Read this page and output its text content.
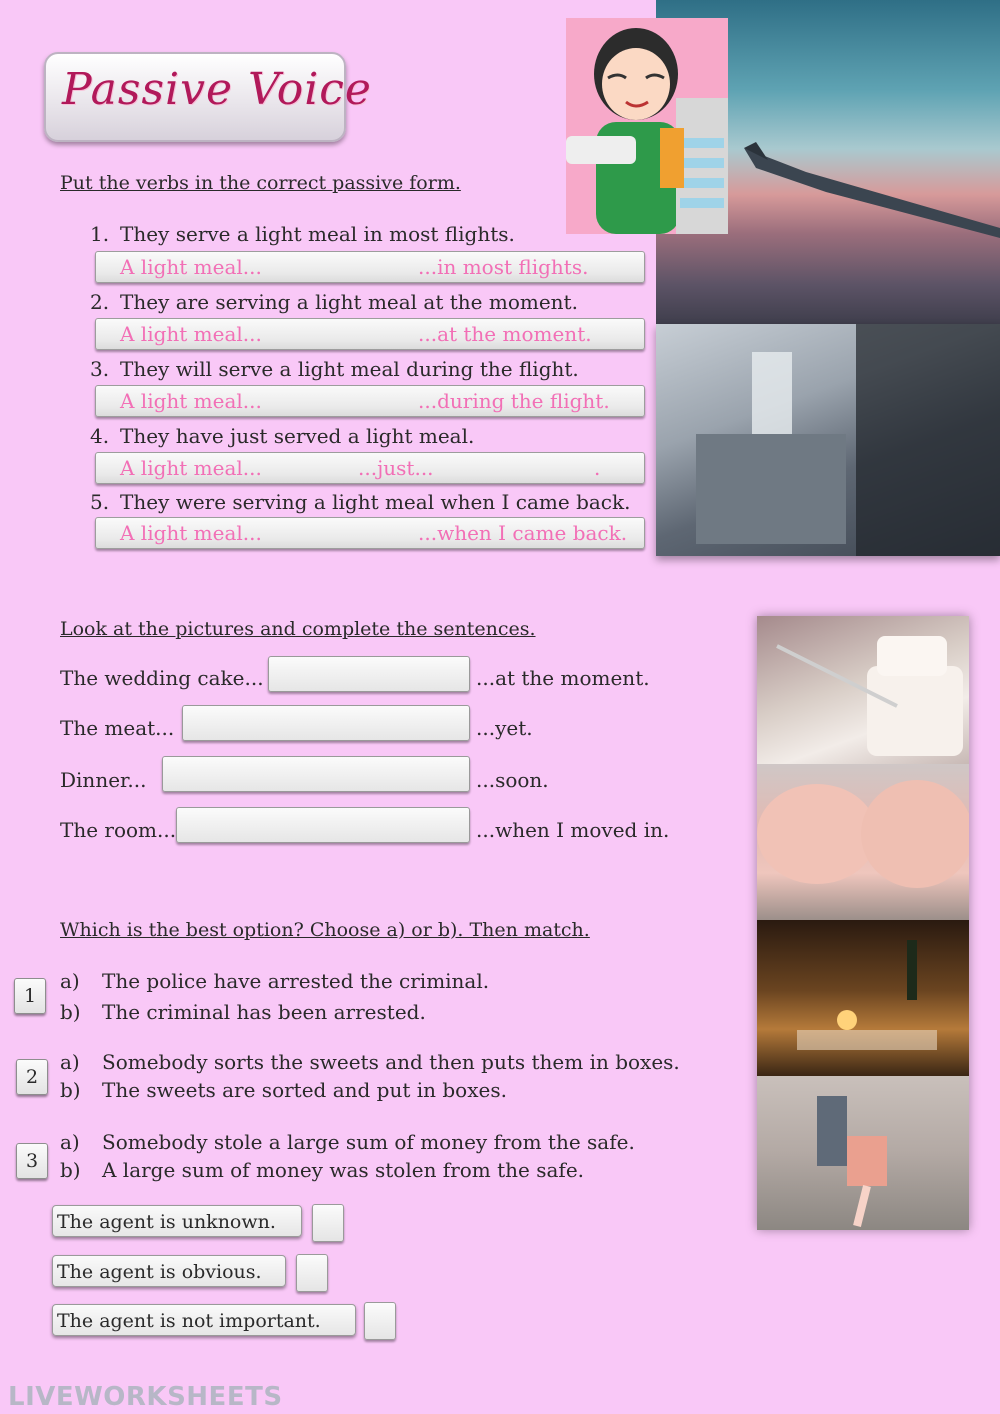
Passive Voice
Put the verbs in the correct passive form.
1. They serve a light meal in most flights.
A light meal...	...in most flights.
2. They are serving a light meal at the moment.
A light meal...	...at the moment.
3. They will serve a light meal during the flight.
A light meal...	...during the flight.
4. They have just served a light meal.
A light meal...	...just...	.
5. They were serving a light meal when I came back.
A light meal...	...when I came back.
Look at the pictures and complete the sentences.
The wedding cake...	...at the moment.
The meat...	...yet.
Dinner...	...soon.
The room...	...when I moved in.
Which is the best option? Choose a) or b). Then match.
1
a) The police have arrested the criminal.
b) The criminal has been arrested.
2
a) Somebody sorts the sweets and then puts them in boxes.
b) The sweets are sorted and put in boxes.
3
a) Somebody stole a large sum of money from the safe.
b) A large sum of money was stolen from the safe.
The agent is unknown.
The agent is obvious.
The agent is not important.
LIVEWORKSHEETS
